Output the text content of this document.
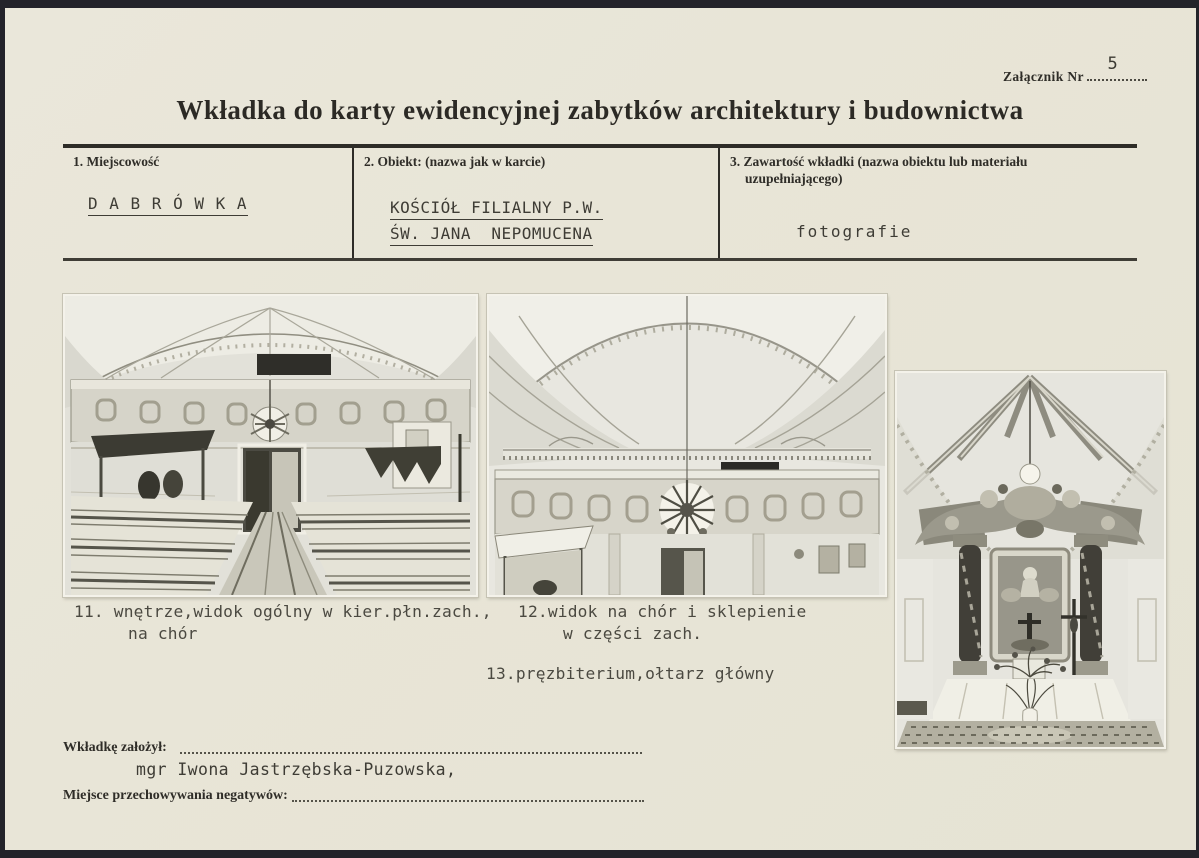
Załącznik Nr
5
Wkładka do karty ewidencyjnej zabytków architektury i budownictwa
1. Miejscowość
D A B R Ó W K A
2. Obiekt: (nazwa jak w karcie)
KOŚCIÓŁ FILIALNY P.W.
ŚW. JANA  NEPOMUCENA
3. Zawartość wkładki (nazwa obiektu lub materiału uzupełniającego)
fotografie
11. wnętrze,widok ogólny w kier.płn.zach.,
na chór
12.widok na chór i sklepienie
w części zach.
13.pręzbiterium,ołtarz główny
Wkładkę założył:
mgr Iwona Jastrzębska-Puzowska,
Miejsce przechowywania negatywów:
